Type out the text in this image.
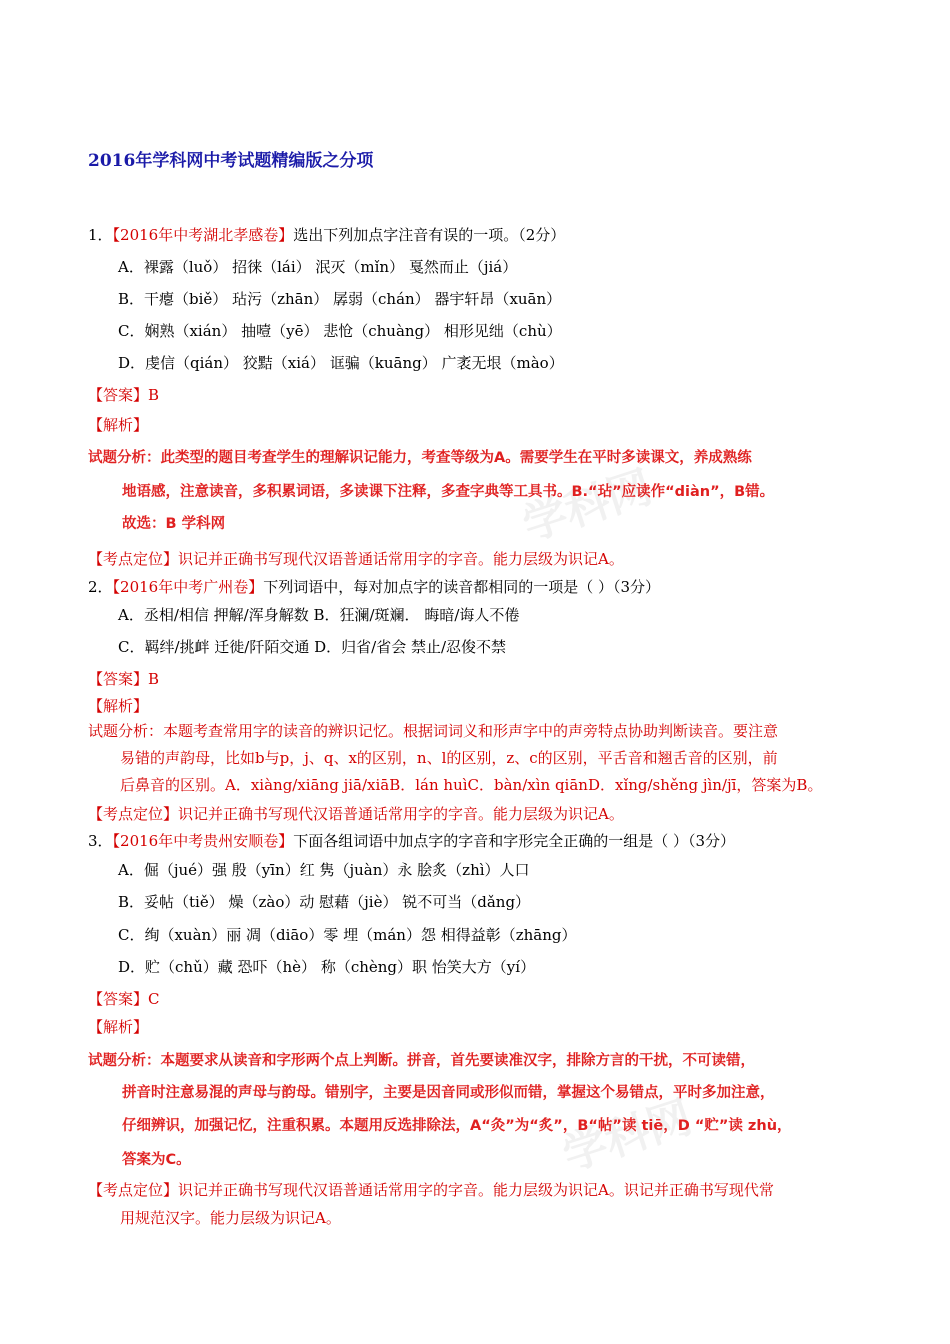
学科网
学科网
2016年学科网中考试题精编版之分项
1．【2016年中考湖北孝感卷】选出下列加点字注音有误的一项。（2分）
A．裸露（luǒ） 招徕（lái） 泯灭（mǐn） 戛然而止（jiá）
B．干瘪（biě） 玷污（zhān） 孱弱（chán） 器宇轩昂（xuān）
C．娴熟（xián） 抽噎（yē） 悲怆（chuàng） 相形见绌（chù）
D．虔信（qián） 狡黠（xiá） 诓骗（kuāng） 广袤无垠（mào）
【答案】B
【解析】
试题分析：此类型的题目考查学生的理解识记能力，考查等级为A。需要学生在平时多读课文，养成熟练
地语感，注意读音，多积累词语，多读课下注释，多查字典等工具书。B.“玷”应读作“diàn”，B错。
故选：B 学科网
【考点定位】识记并正确书写现代汉语普通话常用字的字音。能力层级为识记A。
2．【2016年中考广州卷】下列词语中，每对加点字的读音都相同的一项是（ ）（3分）
A．丞相/相信 押解/浑身解数 B．狂澜/斑斓． 晦暗/诲人不倦
C．羁绊/挑衅 迁徙/阡陌交通 D．归省/省会 禁止/忍俊不禁
【答案】B
【解析】
试题分析：本题考查常用字的读音的辨识记忆。根据词词义和形声字中的声旁特点协助判断读音。要注意
易错的声韵母，比如b与p，j、q、x的区别，n、l的区别，z、c的区别，平舌音和翘舌音的区别，前
后鼻音的区别。A．xiàng/xiāng jiā/xiāB．lán huìC．bàn/xìn qiānD．xǐng/shěng jìn/jī，答案为B。
【考点定位】识记并正确书写现代汉语普通话常用字的字音。能力层级为识记A。
3．【2016年中考贵州安顺卷】下面各组词语中加点字的字音和字形完全正确的一组是（ ）（3分）
A．倔（jué）强 殷（yīn）红 隽（juàn）永 脍炙（zhì）人口
B．妥帖（tiě） 燥（zào）动 慰藉（jiè） 锐不可当（dǎng）
C．绚（xuàn）丽 凋（diāo）零 埋（mán）怨 相得益彰（zhāng）
D．贮（chǔ）藏 恐吓（hè） 称（chèng）职 怡笑大方（yí）
【答案】C
【解析】
试题分析：本题要求从读音和字形两个点上判断。拼音，首先要读准汉字，排除方言的干扰，不可读错，
拼音时注意易混的声母与韵母。错别字，主要是因音同或形似而错，掌握这个易错点，平时多加注意，
仔细辨识，加强记忆，注重积累。本题用反选排除法，A“灸”为“炙”，B“帖”读 tiē，D “贮”读 zhù，
答案为C。
【考点定位】识记并正确书写现代汉语普通话常用字的字音。能力层级为识记A。识记并正确书写现代常
用规范汉字。能力层级为识记A。
